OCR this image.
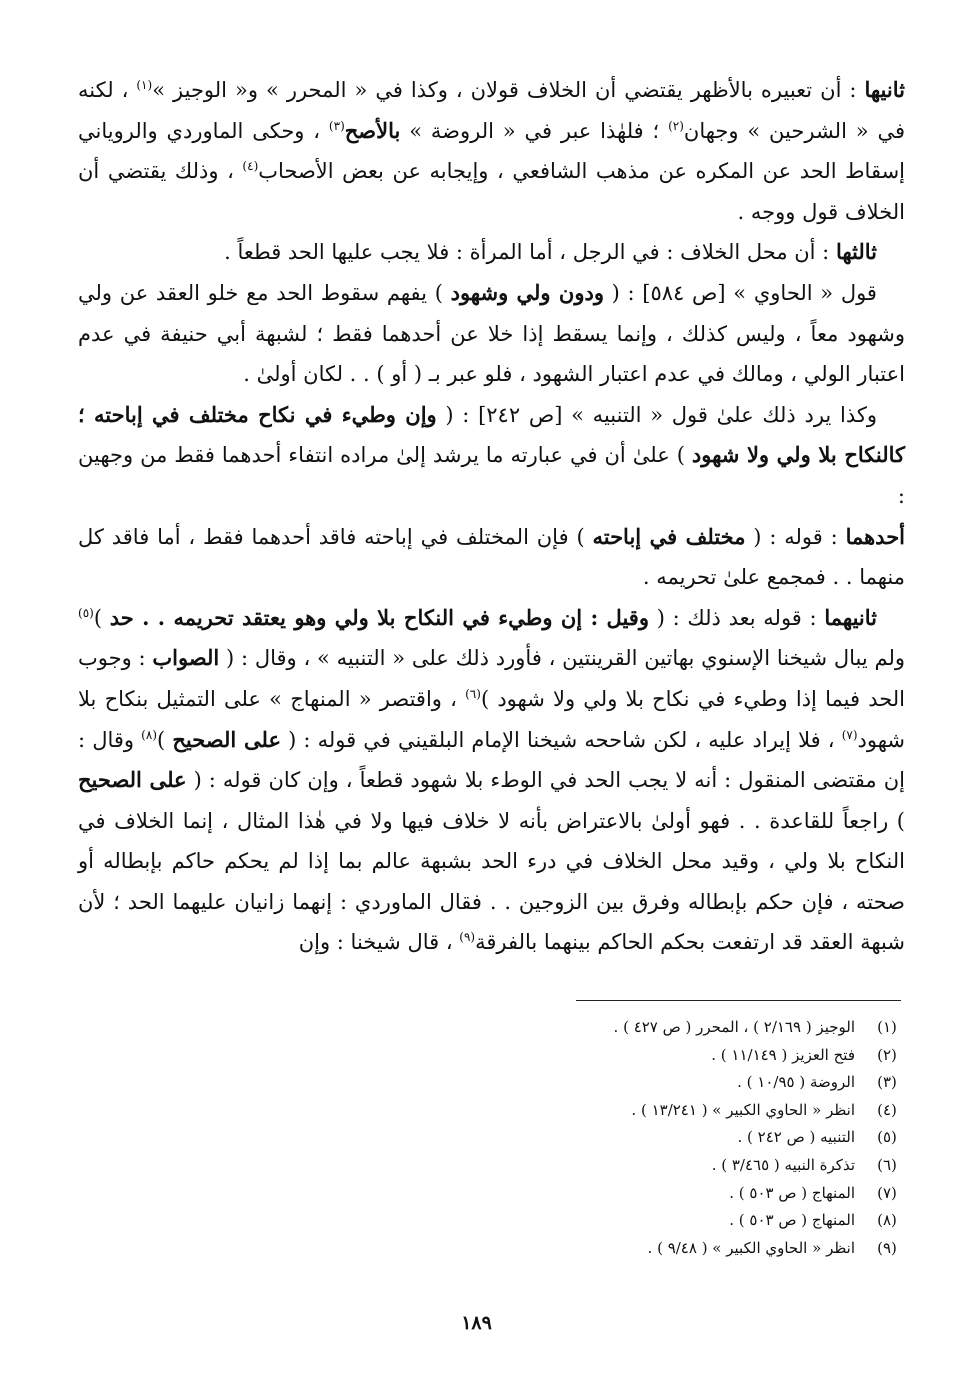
ثانيها : أن تعبيره بالأظهر يقتضي أن الخلاف قولان ، وكذا في « المحرر » و« الوجيز »$^{(١)}$ ، لكنه في « الشرحين » وجهان$^{(٢)}$ ؛ فلهٰذا عبر في « الروضة » بالأصح$^{(٣)}$ ، وحكى الماوردي والروياني إسقاط الحد عن المكره عن مذهب الشافعي ، وإيجابه عن بعض الأصحاب$^{(٤)}$ ، وذلك يقتضي أن الخلاف قول ووجه .

ثالثها : أن محل الخلاف : في الرجل ، أما المرأة : فلا يجب عليها الحد قطعاً .

قول « الحاوي » [ص ٥٨٤] : ( ودون ولي وشهود ) يفهم سقوط الحد مع خلو العقد عن ولي وشهود معاً ، وليس كذلك ، وإنما يسقط إذا خلا عن أحدهما فقط ؛ لشبهة أبي حنيفة في عدم اعتبار الولي ، ومالك في عدم اعتبار الشهود ، فلو عبر بـ ( أو ) . . لكان أولىٰ .

وكذا يرد ذلك علىٰ قول « التنبيه » [ص ٢٤٢] : ( وإن وطيء في نكاح مختلف في إباحته ؛ كالنكاح بلا ولي ولا شهود ) علىٰ أن في عبارته ما يرشد إلىٰ مراده انتفاء أحدهما فقط من وجهين :

أحدهما : قوله : ( مختلف في إباحته ) فإن المختلف في إباحته فاقد أحدهما فقط ، أما فاقد كل منهما . . فمجمع علىٰ تحريمه .

ثانيهما : قوله بعد ذلك : ( وقيل : إن وطيء في النكاح بلا ولي وهو يعتقد تحريمه . . حد )$^{(٥)}$ ولم يبال شيخنا الإسنوي بهاتين القرينتين ، فأورد ذلك على « التنبيه » ، وقال : ( الصواب : وجوب الحد فيما إذا وطيء في نكاح بلا ولي ولا شهود )$^{(٦)}$ ، واقتصر « المنهاج » على التمثيل بنكاح بلا شهود$^{(٧)}$ ، فلا إيراد عليه ، لكن شاححه شيخنا الإمام البلقيني في قوله : ( على الصحيح )$^{(٨)}$ وقال : إن مقتضى المنقول : أنه لا يجب الحد في الوطء بلا شهود قطعاً ، وإن كان قوله : ( على الصحيح ) راجعاً للقاعدة . . فهو أولىٰ بالاعتراض بأنه لا خلاف فيها ولا في هٰذا المثال ، إنما الخلاف في النكاح بلا ولي ، وقيد محل الخلاف في درء الحد بشبهة عالم بما إذا لم يحكم حاكم بإبطاله أو صحته ، فإن حكم بإبطاله وفرق بين الزوجين . . فقال الماوردي : إنهما زانيان عليهما الحد ؛ لأن شبهة العقد قد ارتفعت بحكم الحاكم بينهما بالفرقة$^{(٩)}$ ، قال شيخنا : وإن

(١)الوجيز ( ٢/١٦٩ ) ، المحرر ( ص ٤٢٧ ) .
(٢)فتح العزيز ( ١١/١٤٩ ) .
(٣)الروضة ( ١٠/٩٥ ) .
(٤)انظر « الحاوي الكبير » ( ١٣/٢٤١ ) .
(٥)التنبيه ( ص ٢٤٢ ) .
(٦)تذكرة النبيه ( ٣/٤٦٥ ) .
(٧)المنهاج ( ص ٥٠٣ ) .
(٨)المنهاج ( ص ٥٠٣ ) .
(٩)انظر « الحاوي الكبير » ( ٩/٤٨ ) .
١٨٩
